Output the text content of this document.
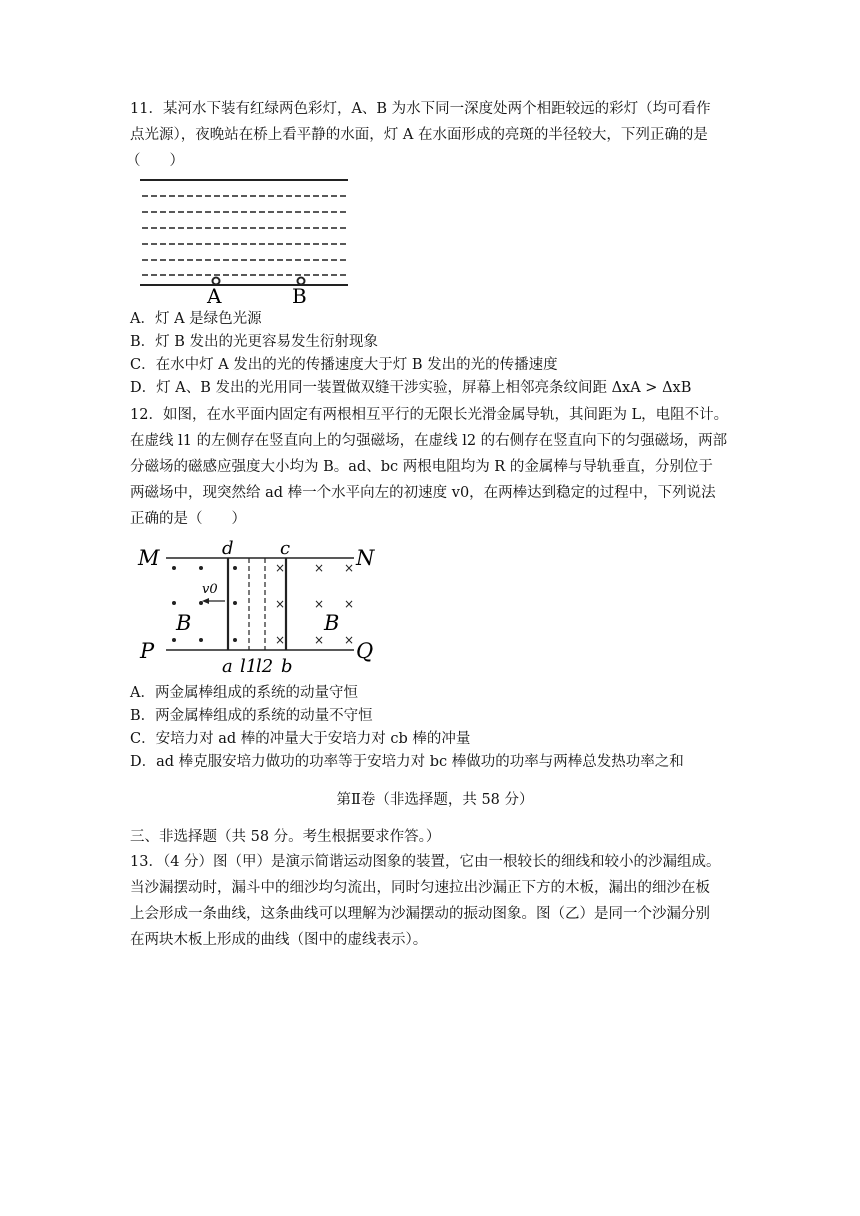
11．某河水下装有红绿两色彩灯，A、B 为水下同一深度处两个相距较远的彩灯（均可看作

点光源），夜晚站在桥上看平静的水面，灯 A 在水面形成的亮斑的半径较大，下列正确的是

（　　）

A	B

A．灯 A 是绿色光源

B．灯 B 发出的光更容易发生衍射现象

C．在水中灯 A 发出的光的传播速度大于灯 B 发出的光的传播速度

D．灯 A、B 发出的光用同一装置做双缝干涉实验，屏幕上相邻亮条纹间距 ΔxA > ΔxB

12．如图，在水平面内固定有两根相互平行的无限长光滑金属导轨，其间距为 L，电阻不计。

在虚线 l1 的左侧存在竖直向上的匀强磁场，在虚线 l2 的右侧存在竖直向下的匀强磁场，两部

分磁场的磁感应强度大小均为 B。ad、bc 两根电阻均为 R 的金属棒与导轨垂直，分别位于

两磁场中，现突然给 ad 棒一个水平向左的初速度 v0，在两棒达到稳定的过程中，下列说法

正确的是（　　）

× × ×
× × ×
× × ×
v0
M	N
P	Q
d	c
a	b
B	B
l1
l2

A．两金属棒组成的系统的动量守恒

B．两金属棒组成的系统的动量不守恒

C．安培力对 ad 棒的冲量大于安培力对 cb 棒的冲量

D．ad 棒克服安培力做功的功率等于安培力对 bc 棒做功的功率与两棒总发热功率之和

第Ⅱ卷（非选择题，共 58 分）

三、非选择题（共 58 分。考生根据要求作答。）

13．（4 分）图（甲）是演示简谐运动图象的装置，它由一根较长的细线和较小的沙漏组成。

当沙漏摆动时，漏斗中的细沙均匀流出，同时匀速拉出沙漏正下方的木板，漏出的细沙在板

上会形成一条曲线，这条曲线可以理解为沙漏摆动的振动图象。图（乙）是同一个沙漏分别

在两块木板上形成的曲线（图中的虚线表示）。
